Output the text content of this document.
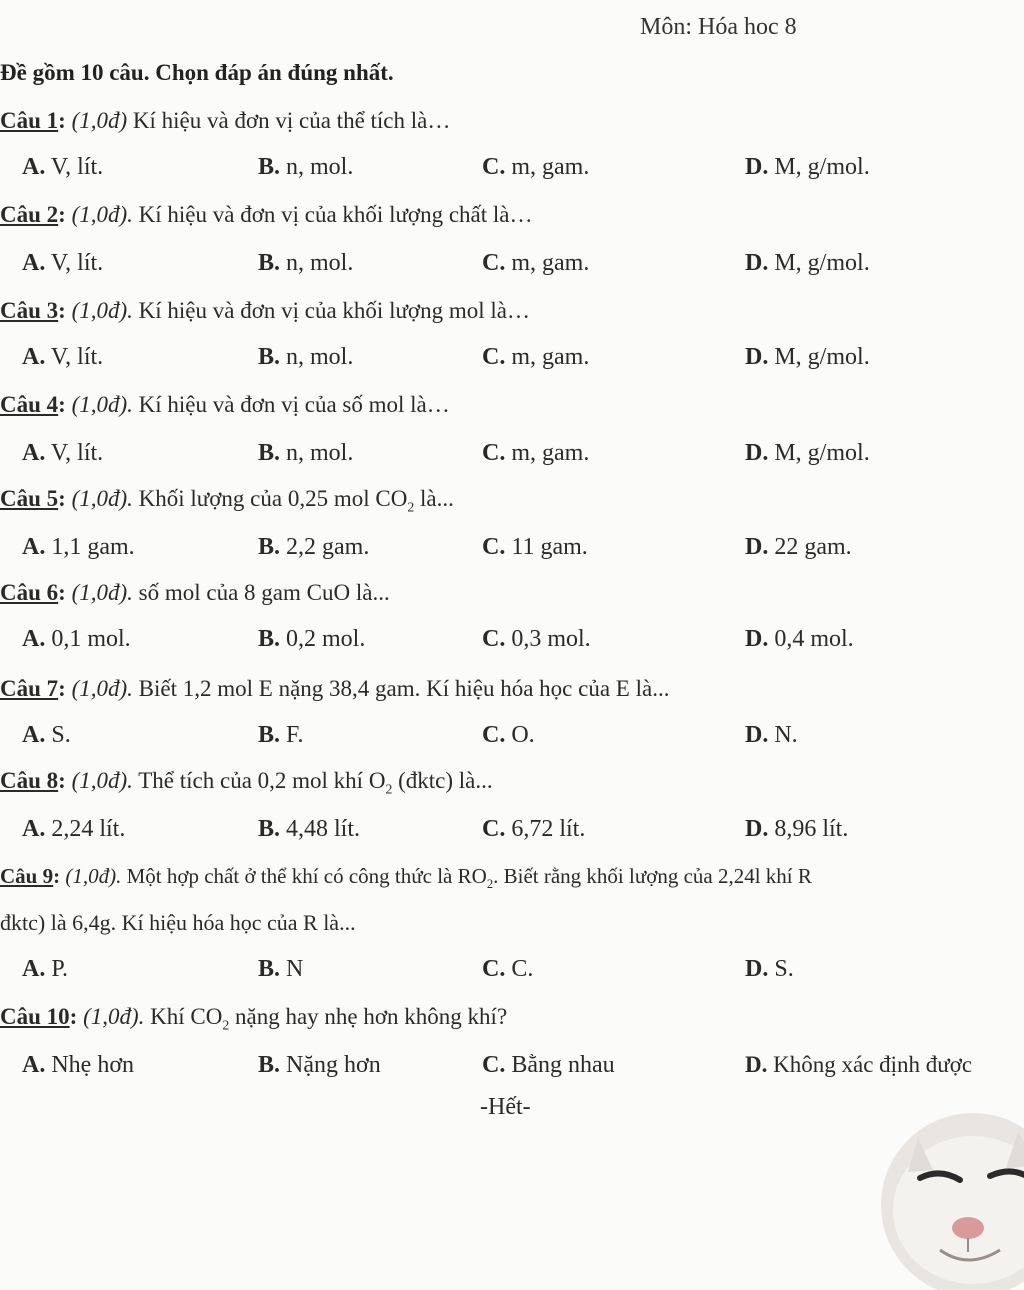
Môn: Hóa hoc 8
Đề gồm 10 câu. Chọn đáp án đúng nhất.
Câu 1: (1,0đ) Kí hiệu và đơn vị của thể tích là…
A. V, lít.	B. n, mol.	C. m, gam.	D. M, g/mol.
Câu 2: (1,0đ). Kí hiệu và đơn vị của khối lượng chất là…
A. V, lít.	B. n, mol.	C. m, gam.	D. M, g/mol.
Câu 3: (1,0đ). Kí hiệu và đơn vị của khối lượng mol là…
A. V, lít.	B. n, mol.	C. m, gam.	D. M, g/mol.
Câu 4: (1,0đ). Kí hiệu và đơn vị của số mol là…
A. V, lít.	B. n, mol.	C. m, gam.	D. M, g/mol.
Câu 5: (1,0đ). Khối lượng của 0,25 mol $CO_2$ là...
A. 1,1 gam.	B. 2,2 gam.	C. 11 gam.	D. 22 gam.
Câu 6: (1,0đ). số mol của 8 gam CuO là...
A. 0,1 mol.	B. 0,2 mol.	C. 0,3 mol.	D. 0,4 mol.
Câu 7: (1,0đ). Biết 1,2 mol E nặng 38,4 gam. Kí hiệu hóa học của E là...
A. S.	B. F.	C. O.	D. N.
Câu 8: (1,0đ). Thể tích của 0,2 mol khí $O_2$ (đktc) là...
A. 2,24 lít.	B. 4,48 lít.	C. 6,72 lít.	D. 8,96 lít.
Câu 9: (1,0đ). Một hợp chất ở thể khí có công thức là $RO_2$. Biết rằng khối lượng của 2,24l khí R
đktc) là 6,4g. Kí hiệu hóa học của R là...
A. P.	B. N	C. C.	D. S.
Câu 10: (1,0đ). Khí $CO_2$ nặng hay nhẹ hơn không khí?
A. Nhẹ hơn	B. Nặng hơn	C. Bằng nhau	D. Không xác định được
-Hết-
